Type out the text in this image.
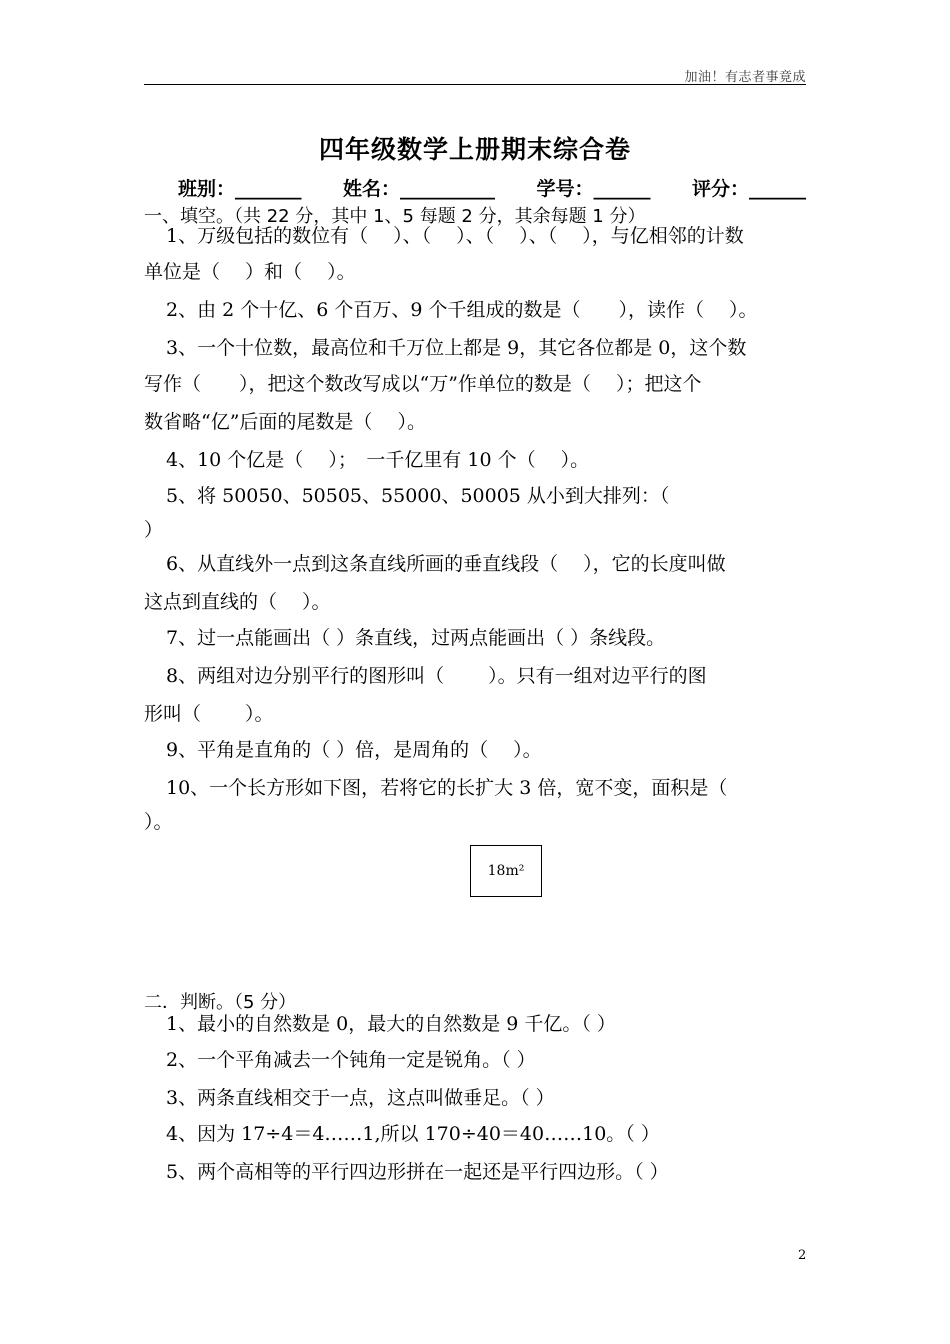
加油！有志者事竟成
四年级数学上册期末综合卷
班别：_______ 姓名：__________ 学号：______ 评分：______
一、填空。（共 22 分，其中 1、5 每题 2 分，其余每题 1 分）
1、万级包括的数位有（　 ）、（　 ）、（　 ）、（　 ），与亿相邻的计数
单位是（　 ）和（　 ）。
2、由 2 个十亿、6 个百万、9 个千组成的数是（　　），读作（　 ）。
3、一个十位数，最高位和千万位上都是 9，其它各位都是 0，这个数
写作（　　），把这个数改写成以“万”作单位的数是（　 ）；把这个
数省略“亿”后面的尾数是（　 ）。
4、10 个亿是（　 ）；　一千亿里有 10 个（　 ）。
5、将 50050、50505、55000、50005 从小到大排列：（
）
6、从直线外一点到这条直线所画的垂直线段（　 ），它的长度叫做
这点到直线的（　 ）。
7、过一点能画出（ ）条直线，过两点能画出（ ）条线段。
8、两组对边分别平行的图形叫（　　 ）。只有一组对边平行的图
形叫（　　 ）。
9、平角是直角的（ ）倍，是周角的（　 ）。
10、一个长方形如下图，若将它的长扩大 3 倍，宽不变，面积是（
）。
18m²
二．判断。（5 分）
1、最小的自然数是 0，最大的自然数是 9 千亿。（ ）
2、一个平角减去一个钝角一定是锐角。（ ）
3、两条直线相交于一点，这点叫做垂足。（ ）
4、因为 17÷4＝4……1,所以 170÷40＝40……10。（ ）
5、两个高相等的平行四边形拼在一起还是平行四边形。（ ）
2
